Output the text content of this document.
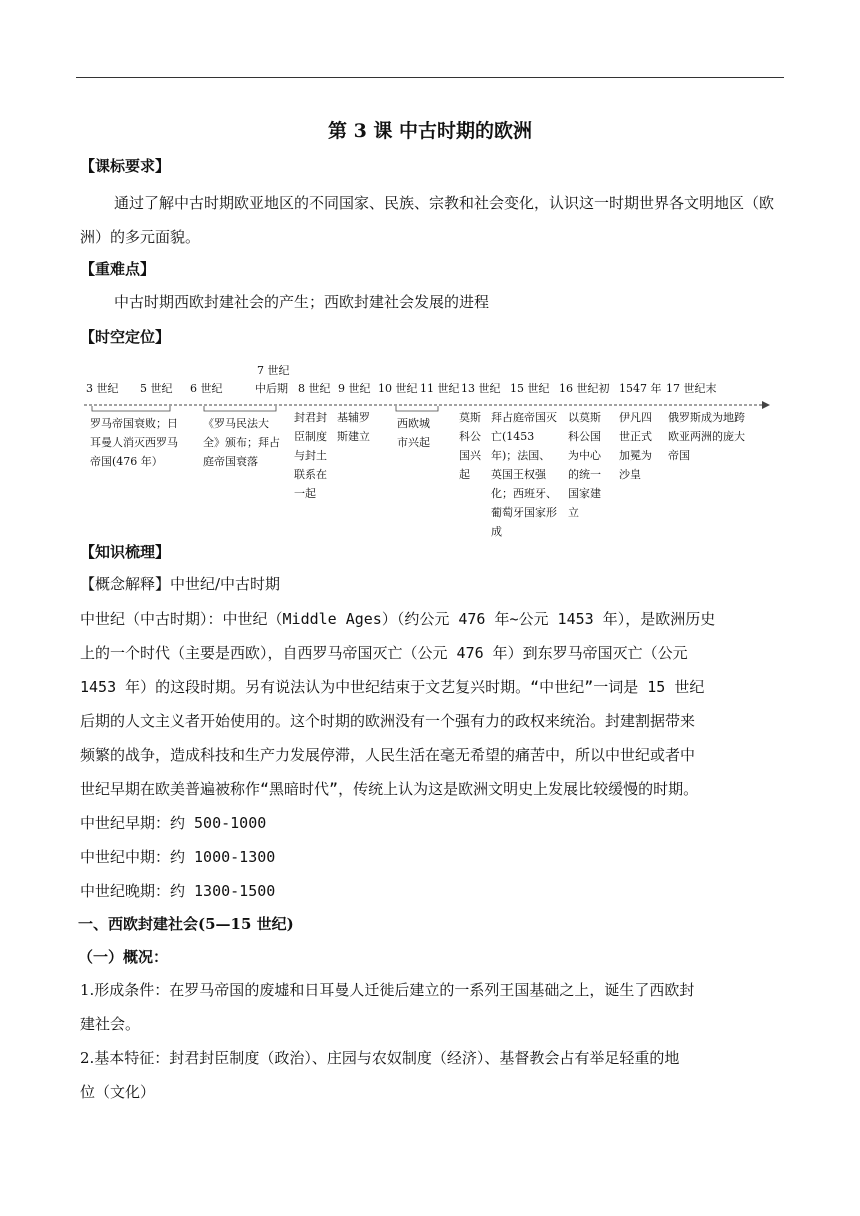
第 3 课 中古时期的欧洲
【课标要求】
通过了解中古时期欧亚地区的不同国家、民族、宗教和社会变化，认识这一时期世界各文明地区（欧洲）的多元面貌。
【重难点】
中古时期西欧封建社会的产生；西欧封建社会发展的进程
【时空定位】
3 世纪 5 世纪 6 世纪
7 世纪
中后期 8 世纪 9 世纪 10 世纪 11 世纪 13 世纪 15 世纪 16 世纪初 1547 年 17 世纪末
罗马帝国衰败；日耳曼人消灭西罗马帝国(476 年）
《罗马民法大全》颁布；拜占庭帝国衰落
封君封臣制度与封土联系在一起
基辅罗斯建立
西欧城市兴起
莫斯科公国兴起
拜占庭帝国灭亡(1453 年)；法国、英国王权强化；西班牙、葡萄牙国家形成
以莫斯科公国为中心的统一国家建立
伊凡四世正式加冕为沙皇
俄罗斯成为地跨欧亚两洲的庞大帝国
【知识梳理】
【概念解释】中世纪/中古时期
中世纪（中古时期）：中世纪（Middle Ages）（约公元 476 年~公元 1453 年），是欧洲历史
上的一个时代（主要是西欧），自西罗马帝国灭亡（公元 476 年）到东罗马帝国灭亡（公元
1453 年）的这段时期。另有说法认为中世纪结束于文艺复兴时期。“中世纪”一词是 15 世纪
后期的人文主义者开始使用的。这个时期的欧洲没有一个强有力的政权来统治。封建割据带来
频繁的战争，造成科技和生产力发展停滞，人民生活在毫无希望的痛苦中，所以中世纪或者中
世纪早期在欧美普遍被称作“黑暗时代”，传统上认为这是欧洲文明史上发展比较缓慢的时期。
中世纪早期：约 500-1000
中世纪中期：约 1000-1300
中世纪晚期：约 1300-1500
一、西欧封建社会(5—15 世纪)
（一）概况：
1.形成条件：在罗马帝国的废墟和日耳曼人迁徙后建立的一系列王国基础之上，诞生了西欧封
建社会。
2.基本特征：封君封臣制度（政治）、庄园与农奴制度（经济）、基督教会占有举足轻重的地
位（文化）
